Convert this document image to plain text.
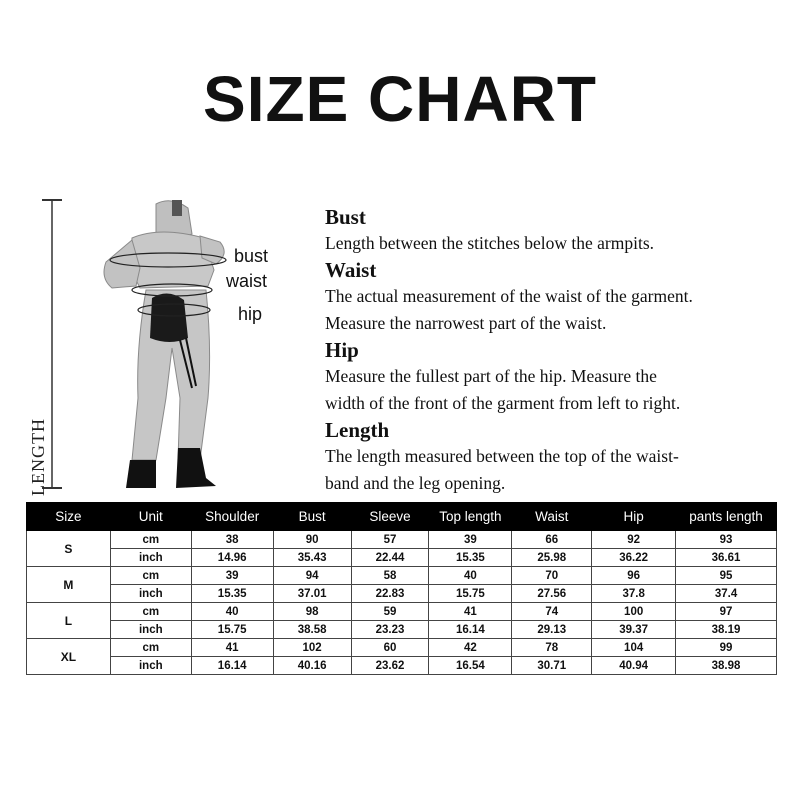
SIZE CHART
LENGTH
bust
waist
hip
Bust
Length between the stitches below the armpits.
Waist
The actual measurement of the waist of the garment.
Measure the narrowest part of the waist.
Hip
Measure the fullest part of the hip. Measure the
width of the front of the garment from left to right.
Length
The length measured between the top of the waist-
band and the leg opening.
Size	Unit	Shoulder	Bust	Sleeve	Top length	Waist	Hip	pants length
S	cm	38	90	57	39	66	92	93
	inch	14.96	35.43	22.44	15.35	25.98	36.22	36.61
M	cm	39	94	58	40	70	96	95
	inch	15.35	37.01	22.83	15.75	27.56	37.8	37.4
L	cm	40	98	59	41	74	100	97
	inch	15.75	38.58	23.23	16.14	29.13	39.37	38.19
XL	cm	41	102	60	42	78	104	99
	inch	16.14	40.16	23.62	16.54	30.71	40.94	38.98
